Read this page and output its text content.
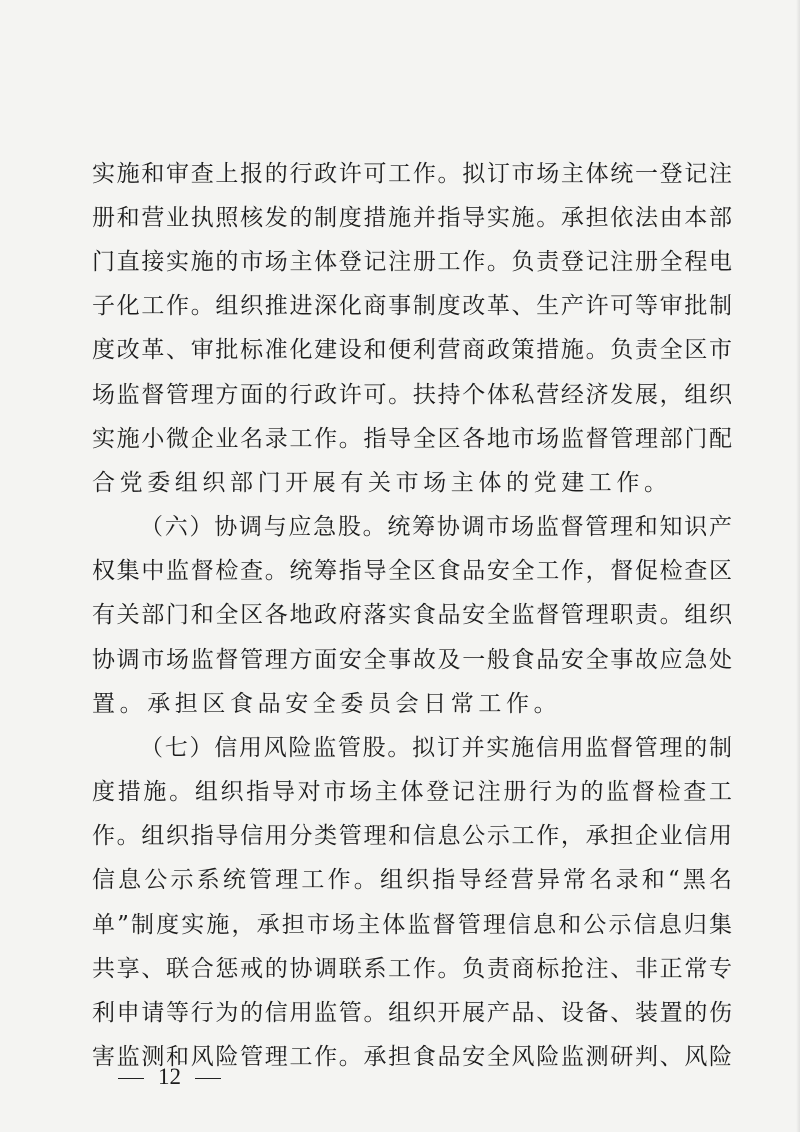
实施和审查上报的行政许可工作。拟订市场主体统一登记注
册和营业执照核发的制度措施并指导实施。承担依法由本部
门直接实施的市场主体登记注册工作。负责登记注册全程电
子化工作。组织推进深化商事制度改革、生产许可等审批制
度改革、审批标准化建设和便利营商政策措施。负责全区市
场监督管理方面的行政许可。扶持个体私营经济发展，组织
实施小微企业名录工作。指导全区各地市场监督管理部门配
合党委组织部门开展有关市场主体的党建工作。
（六）协调与应急股。统筹协调市场监督管理和知识产
权集中监督检查。统筹指导全区食品安全工作，督促检查区
有关部门和全区各地政府落实食品安全监督管理职责。组织
协调市场监督管理方面安全事故及一般食品安全事故应急处
置。承担区食品安全委员会日常工作。
（七）信用风险监管股。拟订并实施信用监督管理的制
度措施。组织指导对市场主体登记注册行为的监督检查工
作。组织指导信用分类管理和信息公示工作，承担企业信用
信息公示系统管理工作。组织指导经营异常名录和“黑名
单”制度实施，承担市场主体监督管理信息和公示信息归集
共享、联合惩戒的协调联系工作。负责商标抢注、非正常专
利申请等行为的信用监管。组织开展产品、设备、装置的伤
害监测和风险管理工作。承担食品安全风险监测研判、风险
12
